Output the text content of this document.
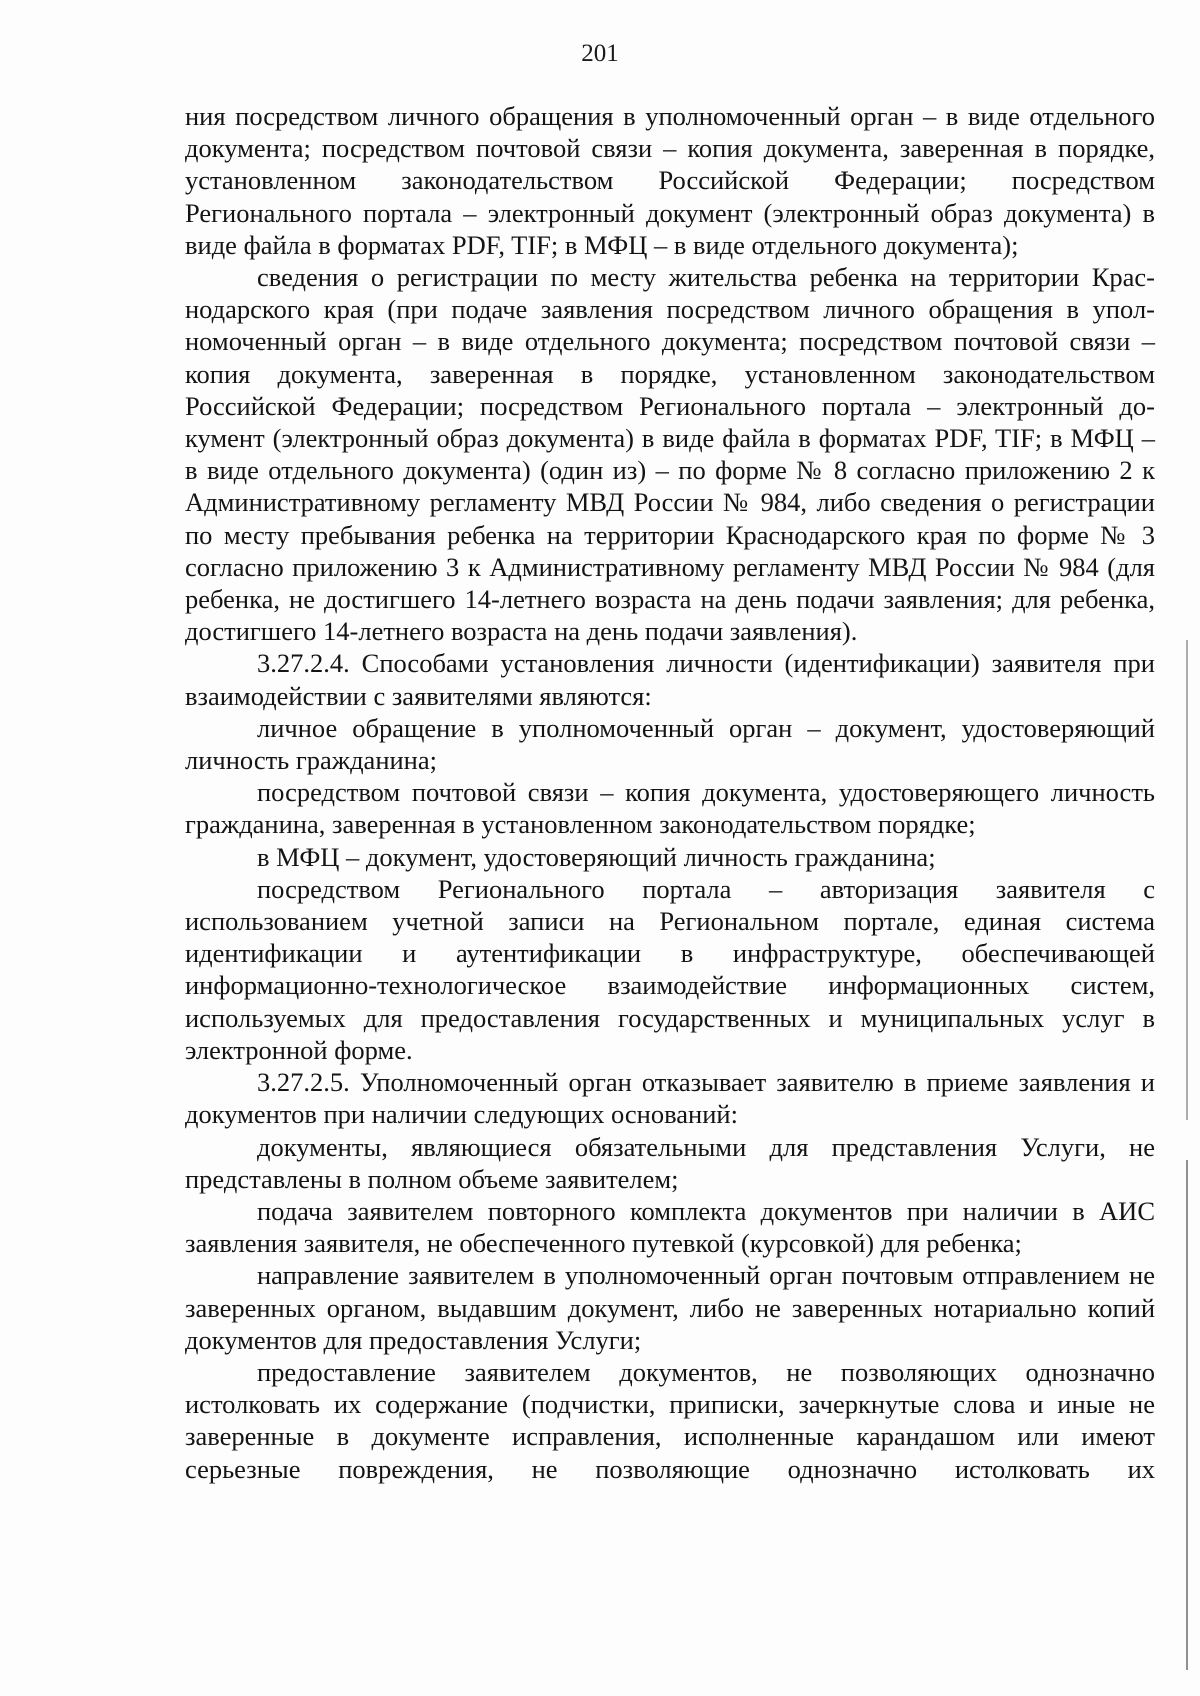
201

ния посредством личного обращения в уполномоченный орган – в виде отдельного документа; посредством почтовой связи – копия документа, заверенная в порядке, установленном законодательством Российской Федерации; посредством Регионального портала – электронный документ (электронный образ документа) в виде файла в форматах PDF, TIF; в МФЦ – в виде отдельного документа);

сведения о регистрации по месту жительства ребенка на территории Краснодарского края (при подаче заявления посредством личного обращения в уполномоченный орган – в виде отдельного документа; посредством почтовой связи – копия документа, заверенная в порядке, установленном законодательством Российской Федерации; посредством Регионального портала – электронный документ (электронный образ документа) в виде файла в форматах PDF, TIF; в МФЦ – в виде отдельного документа) (один из) – по форме № 8 согласно приложению 2 к Административному регламенту МВД России № 984, либо сведения о регистрации по месту пребывания ребенка на территории Краснодарского края по форме № 3 согласно приложению 3 к Административному регламенту МВД России № 984 (для ребенка, не достигшего 14-летнего возраста на день подачи заявления; для ребенка, достигшего 14-летнего возраста на день подачи заявления).

3.27.2.4. Способами установления личности (идентификации) заявителя при взаимодействии с заявителями являются:

личное обращение в уполномоченный орган – документ, удостоверяющий личность гражданина;

посредством почтовой связи – копия документа, удостоверяющего личность гражданина, заверенная в установленном законодательством порядке;

в МФЦ – документ, удостоверяющий личность гражданина;

посредством Регионального портала – авторизация заявителя с использованием учетной записи на Региональном портале, единая система идентификации и аутентификации в инфраструктуре, обеспечивающей информационно-технологическое взаимодействие информационных систем, используемых для предоставления государственных и муниципальных услуг в электронной форме.

3.27.2.5. Уполномоченный орган отказывает заявителю в приеме заявления и документов при наличии следующих оснований:

документы, являющиеся обязательными для представления Услуги, не представлены в полном объеме заявителем;

подача заявителем повторного комплекта документов при наличии в АИС заявления заявителя, не обеспеченного путевкой (курсовкой) для ребенка;

направление заявителем в уполномоченный орган почтовым отправлением не заверенных органом, выдавшим документ, либо не заверенных нотариально копий документов для предоставления Услуги;

предоставление заявителем документов, не позволяющих однозначно истолковать их содержание (подчистки, приписки, зачеркнутые слова и иные не заверенные в документе исправления, исполненные карандашом или имеют серьезные повреждения, не позволяющие однозначно истолковать их
